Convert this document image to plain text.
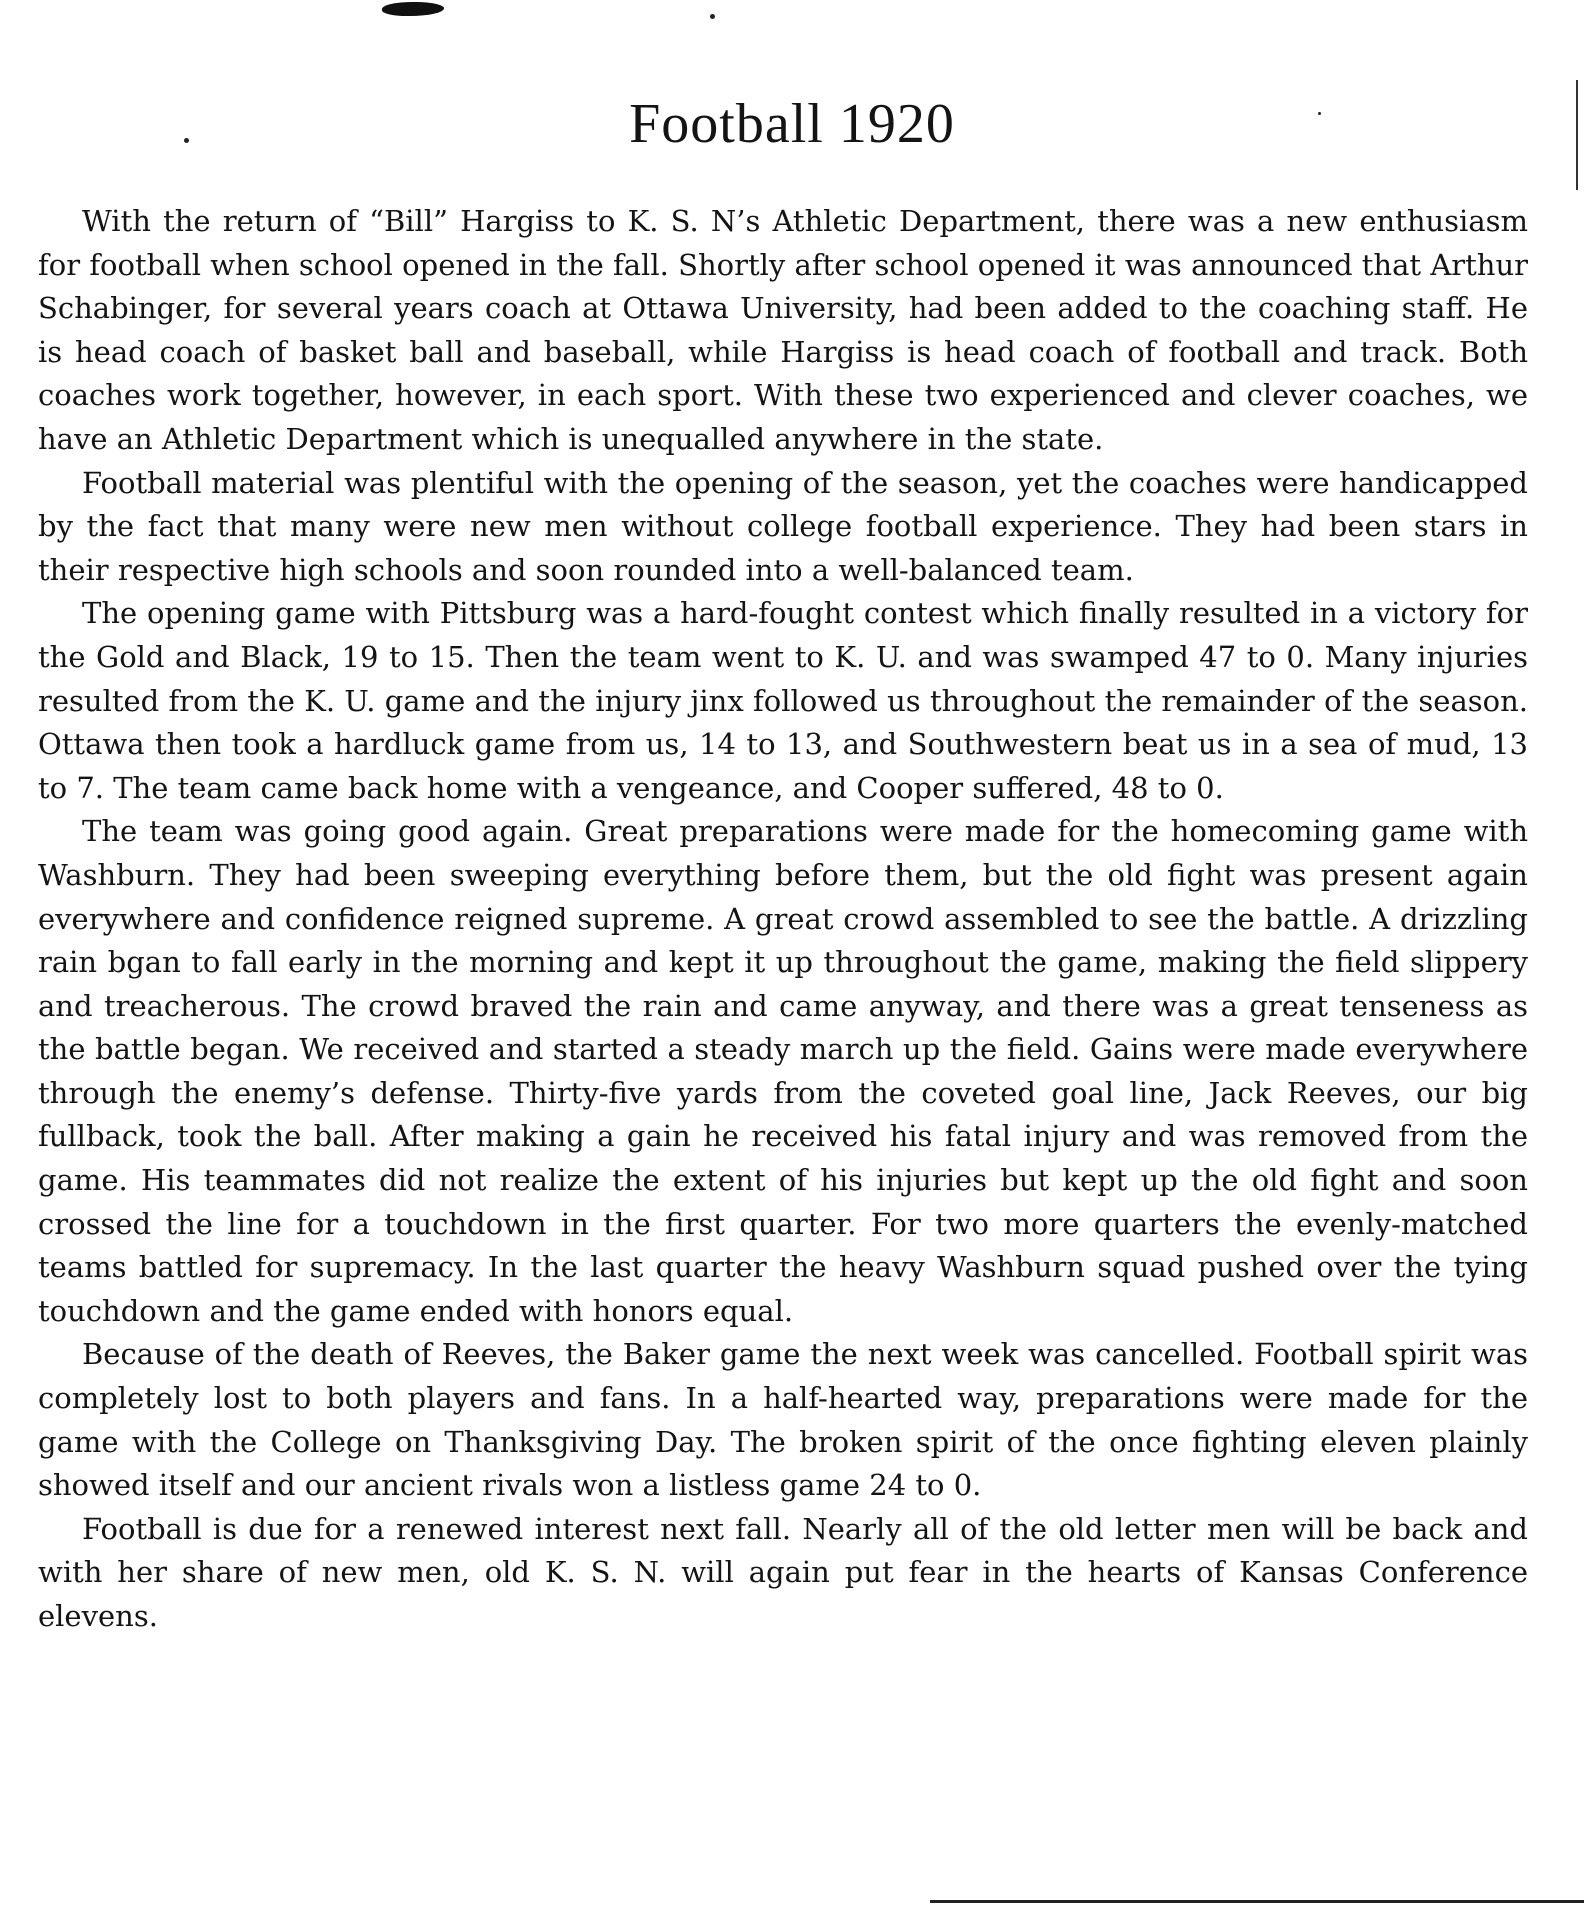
Football 1920

With the return of “Bill” Hargiss to K. S. N’s Athletic Department, there was a new enthusiasm for football when school opened in the fall. Shortly after school opened it was announced that Arthur Schabinger, for several years coach at Ottawa University, had been added to the coaching staff. He is head coach of basket ball and baseball, while Hargiss is head coach of football and track. Both coaches work together, however, in each sport. With these two experienced and clever coaches, we have an Athletic Department which is unequalled anywhere in the state.

Football material was plentiful with the opening of the season, yet the coaches were handicapped by the fact that many were new men without college football experience. They had been stars in their respective high schools and soon rounded into a well-balanced team.

The opening game with Pittsburg was a hard-fought contest which finally resulted in a victory for the Gold and Black, 19 to 15. Then the team went to K. U. and was swamped 47 to 0. Many injuries resulted from the K. U. game and the injury jinx followed us throughout the remainder of the season. Ottawa then took a hardluck game from us, 14 to 13, and Southwestern beat us in a sea of mud, 13 to 7. The team came back home with a vengeance, and Cooper suffered, 48 to 0.

The team was going good again. Great preparations were made for the homecoming game with Washburn. They had been sweeping everything before them, but the old fight was present again everywhere and confidence reigned supreme. A great crowd assembled to see the battle. A drizzling rain bgan to fall early in the morning and kept it up throughout the game, making the field slippery and treacherous. The crowd braved the rain and came anyway, and there was a great tenseness as the battle began. We received and started a steady march up the field. Gains were made everywhere through the enemy’s defense. Thirty-five yards from the coveted goal line, Jack Reeves, our big fullback, took the ball. After making a gain he received his fatal injury and was removed from the game. His teammates did not realize the extent of his injuries but kept up the old fight and soon crossed the line for a touchdown in the first quarter. For two more quarters the evenly-matched teams battled for supremacy. In the last quarter the heavy Washburn squad pushed over the tying touchdown and the game ended with honors equal.

Because of the death of Reeves, the Baker game the next week was cancelled. Football spirit was completely lost to both players and fans. In a half-hearted way, preparations were made for the game with the College on Thanksgiving Day. The broken spirit of the once fighting eleven plainly showed itself and our ancient rivals won a listless game 24 to 0.

Football is due for a renewed interest next fall. Nearly all of the old letter men will be back and with her share of new men, old K. S. N. will again put fear in the hearts of Kansas Conference elevens.
